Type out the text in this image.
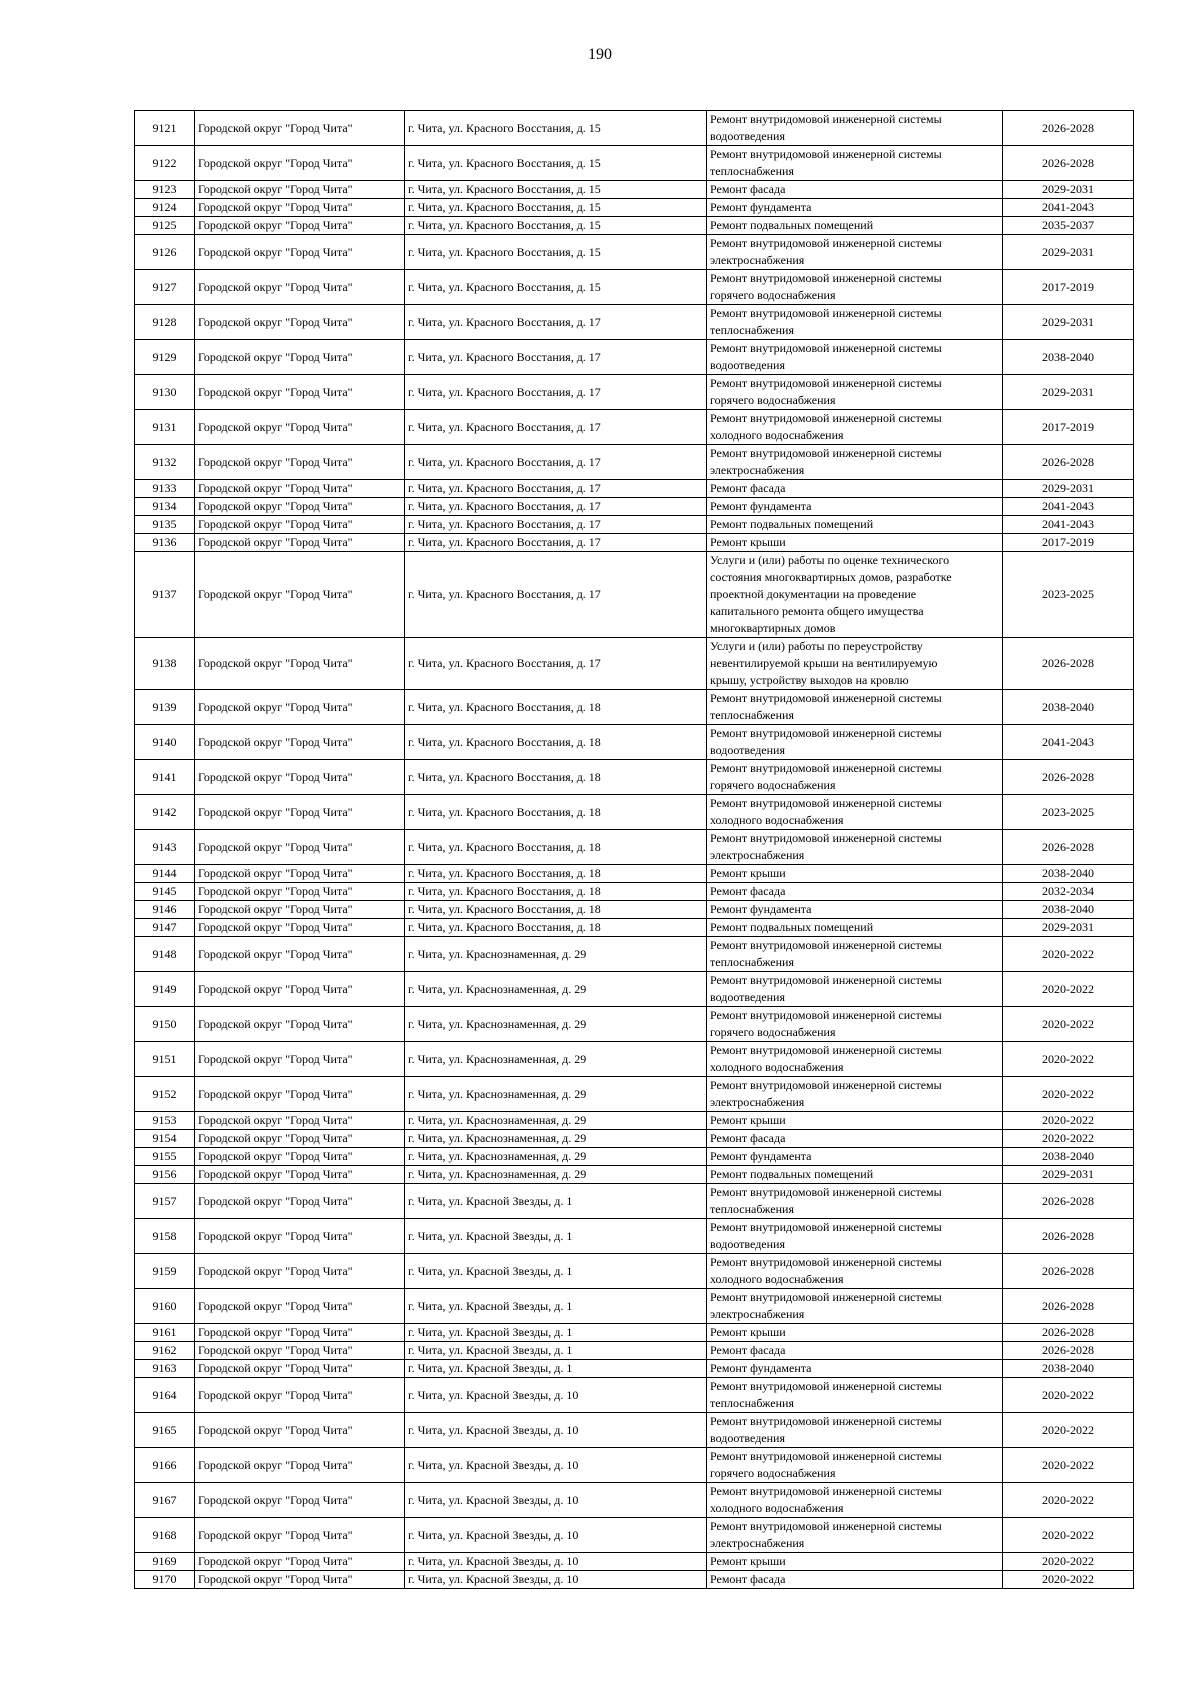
190
9121	Городской округ "Город Чита"	г. Чита, ул. Красного Восстания, д. 15	Ремонт внутридомовой инженерной системы
водоотведения	2026-2028
9122	Городской округ "Город Чита"	г. Чита, ул. Красного Восстания, д. 15	Ремонт внутридомовой инженерной системы
теплоснабжения	2026-2028
9123	Городской округ "Город Чита"	г. Чита, ул. Красного Восстания, д. 15	Ремонт фасада	2029-2031
9124	Городской округ "Город Чита"	г. Чита, ул. Красного Восстания, д. 15	Ремонт фундамента	2041-2043
9125	Городской округ "Город Чита"	г. Чита, ул. Красного Восстания, д. 15	Ремонт подвальных помещений	2035-2037
9126	Городской округ "Город Чита"	г. Чита, ул. Красного Восстания, д. 15	Ремонт внутридомовой инженерной системы
электроснабжения	2029-2031
9127	Городской округ "Город Чита"	г. Чита, ул. Красного Восстания, д. 15	Ремонт внутридомовой инженерной системы
горячего водоснабжения	2017-2019
9128	Городской округ "Город Чита"	г. Чита, ул. Красного Восстания, д. 17	Ремонт внутридомовой инженерной системы
теплоснабжения	2029-2031
9129	Городской округ "Город Чита"	г. Чита, ул. Красного Восстания, д. 17	Ремонт внутридомовой инженерной системы
водоотведения	2038-2040
9130	Городской округ "Город Чита"	г. Чита, ул. Красного Восстания, д. 17	Ремонт внутридомовой инженерной системы
горячего водоснабжения	2029-2031
9131	Городской округ "Город Чита"	г. Чита, ул. Красного Восстания, д. 17	Ремонт внутридомовой инженерной системы
холодного водоснабжения	2017-2019
9132	Городской округ "Город Чита"	г. Чита, ул. Красного Восстания, д. 17	Ремонт внутридомовой инженерной системы
электроснабжения	2026-2028
9133	Городской округ "Город Чита"	г. Чита, ул. Красного Восстания, д. 17	Ремонт фасада	2029-2031
9134	Городской округ "Город Чита"	г. Чита, ул. Красного Восстания, д. 17	Ремонт фундамента	2041-2043
9135	Городской округ "Город Чита"	г. Чита, ул. Красного Восстания, д. 17	Ремонт подвальных помещений	2041-2043
9136	Городской округ "Город Чита"	г. Чита, ул. Красного Восстания, д. 17	Ремонт крыши	2017-2019
9137	Городской округ "Город Чита"	г. Чита, ул. Красного Восстания, д. 17	Услуги и (или) работы по оценке технического
состояния многоквартирных домов, разработке
проектной документации на проведение
капитального ремонта общего имущества
многоквартирных домов	2023-2025
9138	Городской округ "Город Чита"	г. Чита, ул. Красного Восстания, д. 17	Услуги и (или) работы по переустройству
невентилируемой крыши на вентилируемую
крышу, устройству выходов на кровлю	2026-2028
9139	Городской округ "Город Чита"	г. Чита, ул. Красного Восстания, д. 18	Ремонт внутридомовой инженерной системы
теплоснабжения	2038-2040
9140	Городской округ "Город Чита"	г. Чита, ул. Красного Восстания, д. 18	Ремонт внутридомовой инженерной системы
водоотведения	2041-2043
9141	Городской округ "Город Чита"	г. Чита, ул. Красного Восстания, д. 18	Ремонт внутридомовой инженерной системы
горячего водоснабжения	2026-2028
9142	Городской округ "Город Чита"	г. Чита, ул. Красного Восстания, д. 18	Ремонт внутридомовой инженерной системы
холодного водоснабжения	2023-2025
9143	Городской округ "Город Чита"	г. Чита, ул. Красного Восстания, д. 18	Ремонт внутридомовой инженерной системы
электроснабжения	2026-2028
9144	Городской округ "Город Чита"	г. Чита, ул. Красного Восстания, д. 18	Ремонт крыши	2038-2040
9145	Городской округ "Город Чита"	г. Чита, ул. Красного Восстания, д. 18	Ремонт фасада	2032-2034
9146	Городской округ "Город Чита"	г. Чита, ул. Красного Восстания, д. 18	Ремонт фундамента	2038-2040
9147	Городской округ "Город Чита"	г. Чита, ул. Красного Восстания, д. 18	Ремонт подвальных помещений	2029-2031
9148	Городской округ "Город Чита"	г. Чита, ул. Краснознаменная, д. 29	Ремонт внутридомовой инженерной системы
теплоснабжения	2020-2022
9149	Городской округ "Город Чита"	г. Чита, ул. Краснознаменная, д. 29	Ремонт внутридомовой инженерной системы
водоотведения	2020-2022
9150	Городской округ "Город Чита"	г. Чита, ул. Краснознаменная, д. 29	Ремонт внутридомовой инженерной системы
горячего водоснабжения	2020-2022
9151	Городской округ "Город Чита"	г. Чита, ул. Краснознаменная, д. 29	Ремонт внутридомовой инженерной системы
холодного водоснабжения	2020-2022
9152	Городской округ "Город Чита"	г. Чита, ул. Краснознаменная, д. 29	Ремонт внутридомовой инженерной системы
электроснабжения	2020-2022
9153	Городской округ "Город Чита"	г. Чита, ул. Краснознаменная, д. 29	Ремонт крыши	2020-2022
9154	Городской округ "Город Чита"	г. Чита, ул. Краснознаменная, д. 29	Ремонт фасада	2020-2022
9155	Городской округ "Город Чита"	г. Чита, ул. Краснознаменная, д. 29	Ремонт фундамента	2038-2040
9156	Городской округ "Город Чита"	г. Чита, ул. Краснознаменная, д. 29	Ремонт подвальных помещений	2029-2031
9157	Городской округ "Город Чита"	г. Чита, ул. Красной Звезды, д. 1	Ремонт внутридомовой инженерной системы
теплоснабжения	2026-2028
9158	Городской округ "Город Чита"	г. Чита, ул. Красной Звезды, д. 1	Ремонт внутридомовой инженерной системы
водоотведения	2026-2028
9159	Городской округ "Город Чита"	г. Чита, ул. Красной Звезды, д. 1	Ремонт внутридомовой инженерной системы
холодного водоснабжения	2026-2028
9160	Городской округ "Город Чита"	г. Чита, ул. Красной Звезды, д. 1	Ремонт внутридомовой инженерной системы
электроснабжения	2026-2028
9161	Городской округ "Город Чита"	г. Чита, ул. Красной Звезды, д. 1	Ремонт крыши	2026-2028
9162	Городской округ "Город Чита"	г. Чита, ул. Красной Звезды, д. 1	Ремонт фасада	2026-2028
9163	Городской округ "Город Чита"	г. Чита, ул. Красной Звезды, д. 1	Ремонт фундамента	2038-2040
9164	Городской округ "Город Чита"	г. Чита, ул. Красной Звезды, д. 10	Ремонт внутридомовой инженерной системы
теплоснабжения	2020-2022
9165	Городской округ "Город Чита"	г. Чита, ул. Красной Звезды, д. 10	Ремонт внутридомовой инженерной системы
водоотведения	2020-2022
9166	Городской округ "Город Чита"	г. Чита, ул. Красной Звезды, д. 10	Ремонт внутридомовой инженерной системы
горячего водоснабжения	2020-2022
9167	Городской округ "Город Чита"	г. Чита, ул. Красной Звезды, д. 10	Ремонт внутридомовой инженерной системы
холодного водоснабжения	2020-2022
9168	Городской округ "Город Чита"	г. Чита, ул. Красной Звезды, д. 10	Ремонт внутридомовой инженерной системы
электроснабжения	2020-2022
9169	Городской округ "Город Чита"	г. Чита, ул. Красной Звезды, д. 10	Ремонт крыши	2020-2022
9170	Городской округ "Город Чита"	г. Чита, ул. Красной Звезды, д. 10	Ремонт фасада	2020-2022
